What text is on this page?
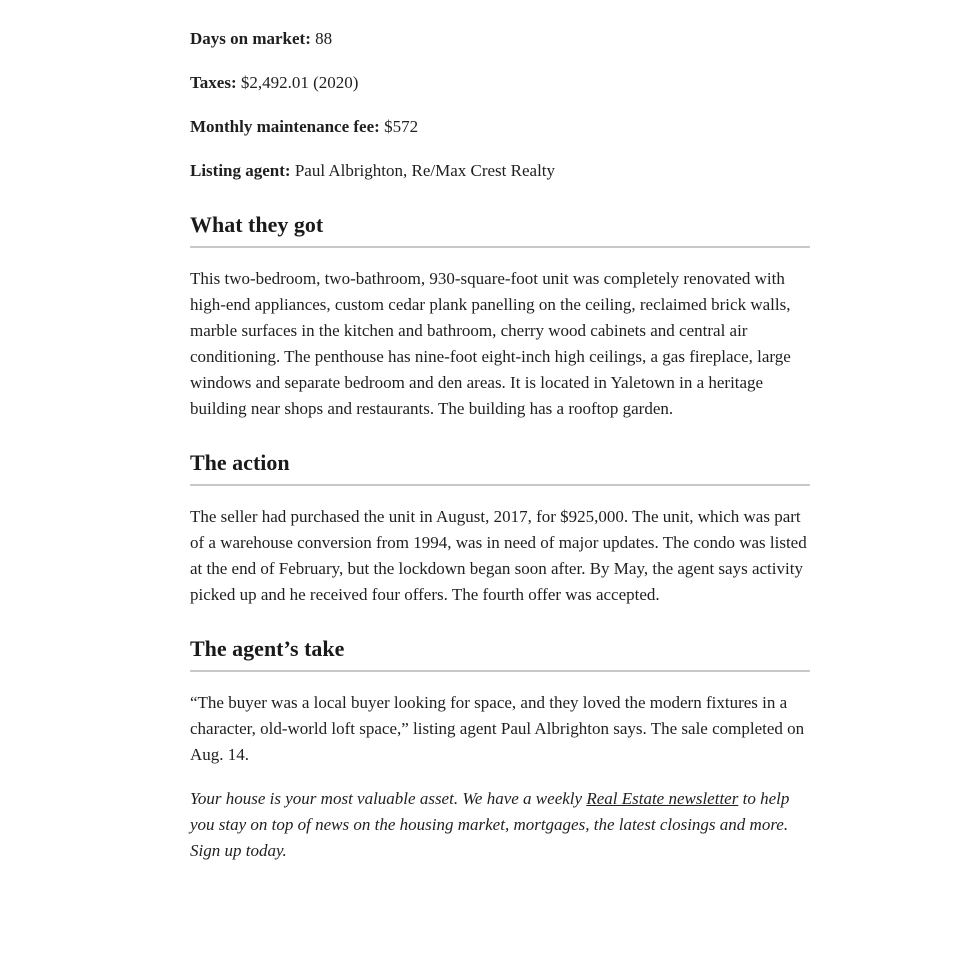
Days on market: 88

Taxes: $2,492.01 (2020)

Monthly maintenance fee: $572

Listing agent: Paul Albrighton, Re/Max Crest Realty

What they got

This two-bedroom, two-bathroom, 930-square-foot unit was completely renovated with high-end appliances, custom cedar plank panelling on the ceiling, reclaimed brick walls, marble surfaces in the kitchen and bathroom, cherry wood cabinets and central air conditioning. The penthouse has nine-foot eight-inch high ceilings, a gas fireplace, large windows and separate bedroom and den areas. It is located in Yaletown in a heritage building near shops and restaurants. The building has a rooftop garden.

The action

The seller had purchased the unit in August, 2017, for $925,000. The unit, which was part of a warehouse conversion from 1994, was in need of major updates. The condo was listed at the end of February, but the lockdown began soon after. By May, the agent says activity picked up and he received four offers. The fourth offer was accepted.

The agent’s take

“The buyer was a local buyer looking for space, and they loved the modern fixtures in a character, old-world loft space,” listing agent Paul Albrighton says. The sale completed on Aug. 14.

Your house is your most valuable asset. We have a weekly Real Estate newsletter to help you stay on top of news on the housing market, mortgages, the latest closings and more. Sign up today.
